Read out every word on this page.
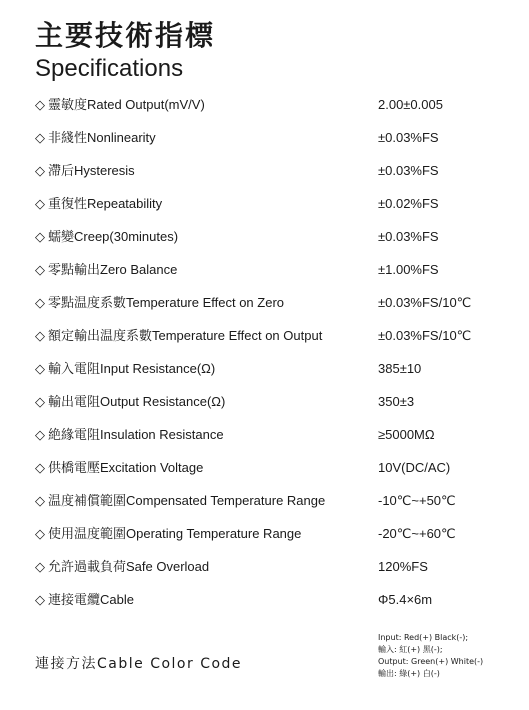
主要技術指標
Specifications
◇ 靈敏度Rated Output(mV/V)	2.00±0.005
◇ 非綫性Nonlinearity	±0.03%FS
◇ 滯后Hysteresis	±0.03%FS
◇ 重復性Repeatability	±0.02%FS
◇ 蠕變Creep(30minutes)	±0.03%FS
◇ 零點輸出Zero Balance	±1.00%FS
◇ 零點温度系數Temperature Effect on Zero	±0.03%FS/10℃
◇ 額定輸出温度系數Temperature Effect on Output	±0.03%FS/10℃
◇ 輸入電阻Input Resistance(Ω)	385±10
◇ 輸出電阻Output Resistance(Ω)	350±3
◇ 絶緣電阻Insulation Resistance	≥5000MΩ
◇ 供橋電壓Excitation Voltage	10V(DC/AC)
◇ 温度補償範圍Compensated Temperature Range	-10℃~+50℃
◇ 使用温度範圍Operating Temperature Range	-20℃~+60℃
◇ 允許過載負荷Safe Overload	120%FS
◇ 連接電纜Cable	Φ5.4×6m
連接方法Cable Color Code
Input: Red(+) Black(-);
輸入: 紅(+) 黑(-);
Output: Green(+) White(-)
輸出: 綠(+) 白(-)
